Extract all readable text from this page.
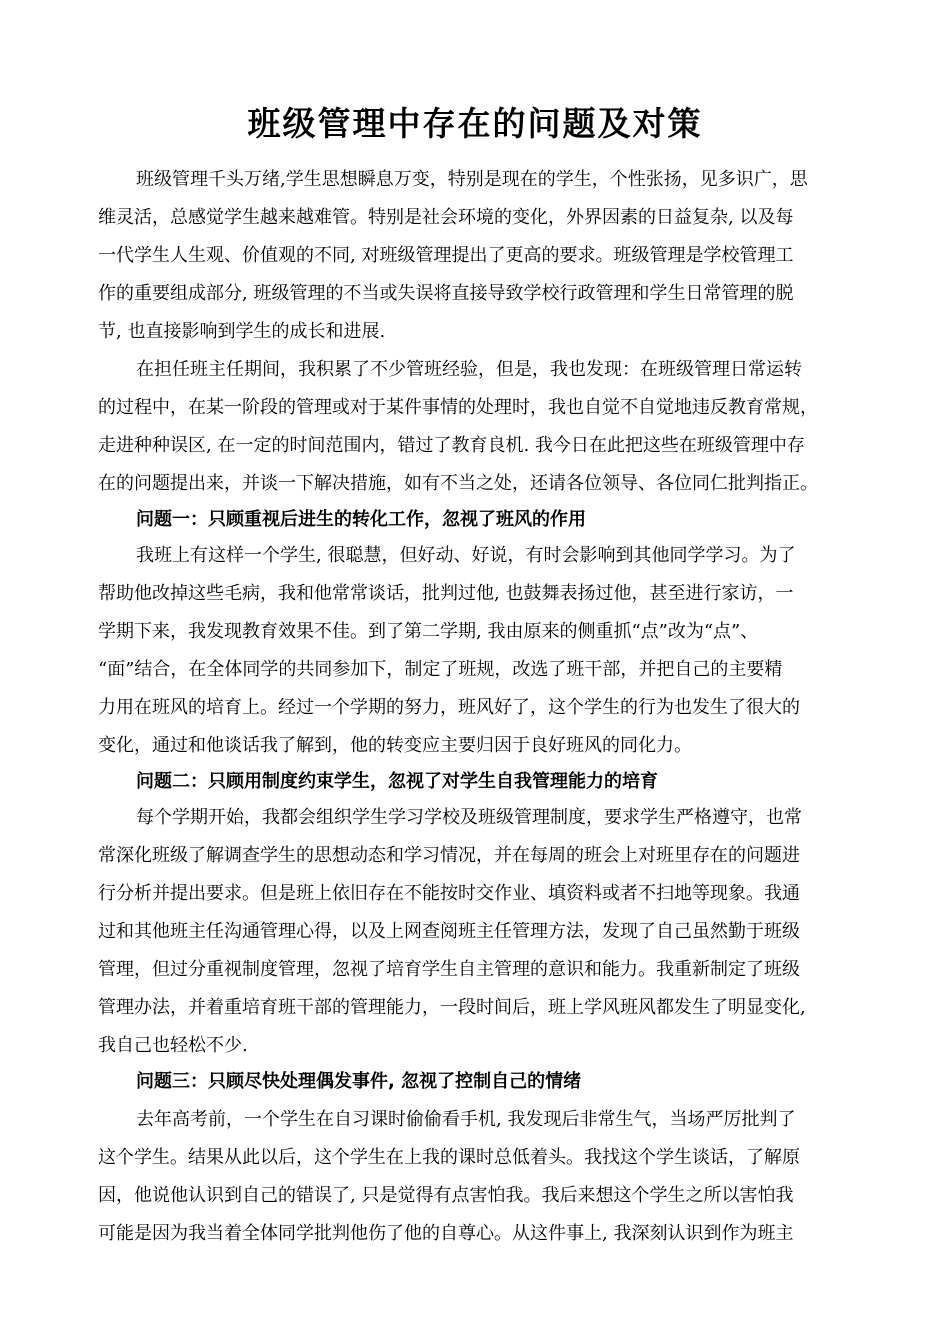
班级管理中存在的问题及对策
班级管理千头万绪,学生思想瞬息万变，特别是现在的学生，个性张扬，见多识广，思
维灵活，总感觉学生越来越难管。特别是社会环境的变化，外界因素的日益复杂, 以及每
一代学生人生观、价值观的不同, 对班级管理提出了更高的要求。班级管理是学校管理工
作的重要组成部分, 班级管理的不当或失误将直接导致学校行政管理和学生日常管理的脱
节, 也直接影响到学生的成长和进展.
在担任班主任期间，我积累了不少管班经验，但是，我也发现：在班级管理日常运转
的过程中，在某一阶段的管理或对于某件事情的处理时，我也自觉不自觉地违反教育常规，
走进种种误区, 在一定的时间范围内，错过了教育良机. 我今日在此把这些在班级管理中存
在的问题提出来，并谈一下解决措施，如有不当之处，还请各位领导、各位同仁批判指正。
问题一：只顾重视后进生的转化工作，忽视了班风的作用
我班上有这样一个学生, 很聪慧，但好动、好说，有时会影响到其他同学学习。为了
帮助他改掉这些毛病，我和他常常谈话，批判过他, 也鼓舞表扬过他，甚至进行家访，一
学期下来，我发现教育效果不佳。到了第二学期, 我由原来的侧重抓“点”改为“点”、
“面”结合，在全体同学的共同参加下，制定了班规，改选了班干部，并把自己的主要精
力用在班风的培育上。经过一个学期的努力，班风好了，这个学生的行为也发生了很大的
变化，通过和他谈话我了解到，他的转变应主要归因于良好班风的同化力。
问题二：只顾用制度约束学生，忽视了对学生自我管理能力的培育
每个学期开始，我都会组织学生学习学校及班级管理制度，要求学生严格遵守，也常
常深化班级了解调查学生的思想动态和学习情况，并在每周的班会上对班里存在的问题进
行分析并提出要求。但是班上依旧存在不能按时交作业、填资料或者不扫地等现象。我通
过和其他班主任沟通管理心得，以及上网查阅班主任管理方法，发现了自己虽然勤于班级
管理，但过分重视制度管理，忽视了培育学生自主管理的意识和能力。我重新制定了班级
管理办法，并着重培育班干部的管理能力，一段时间后，班上学风班风都发生了明显变化,
我自己也轻松不少.
问题三：只顾尽快处理偶发事件, 忽视了控制自己的情绪
去年高考前，一个学生在自习课时偷偷看手机, 我发现后非常生气，当场严厉批判了
这个学生。结果从此以后，这个学生在上我的课时总低着头。我找这个学生谈话，了解原
因，他说他认识到自己的错误了, 只是觉得有点害怕我。我后来想这个学生之所以害怕我
可能是因为我当着全体同学批判他伤了他的自尊心。从这件事上, 我深刻认识到作为班主
